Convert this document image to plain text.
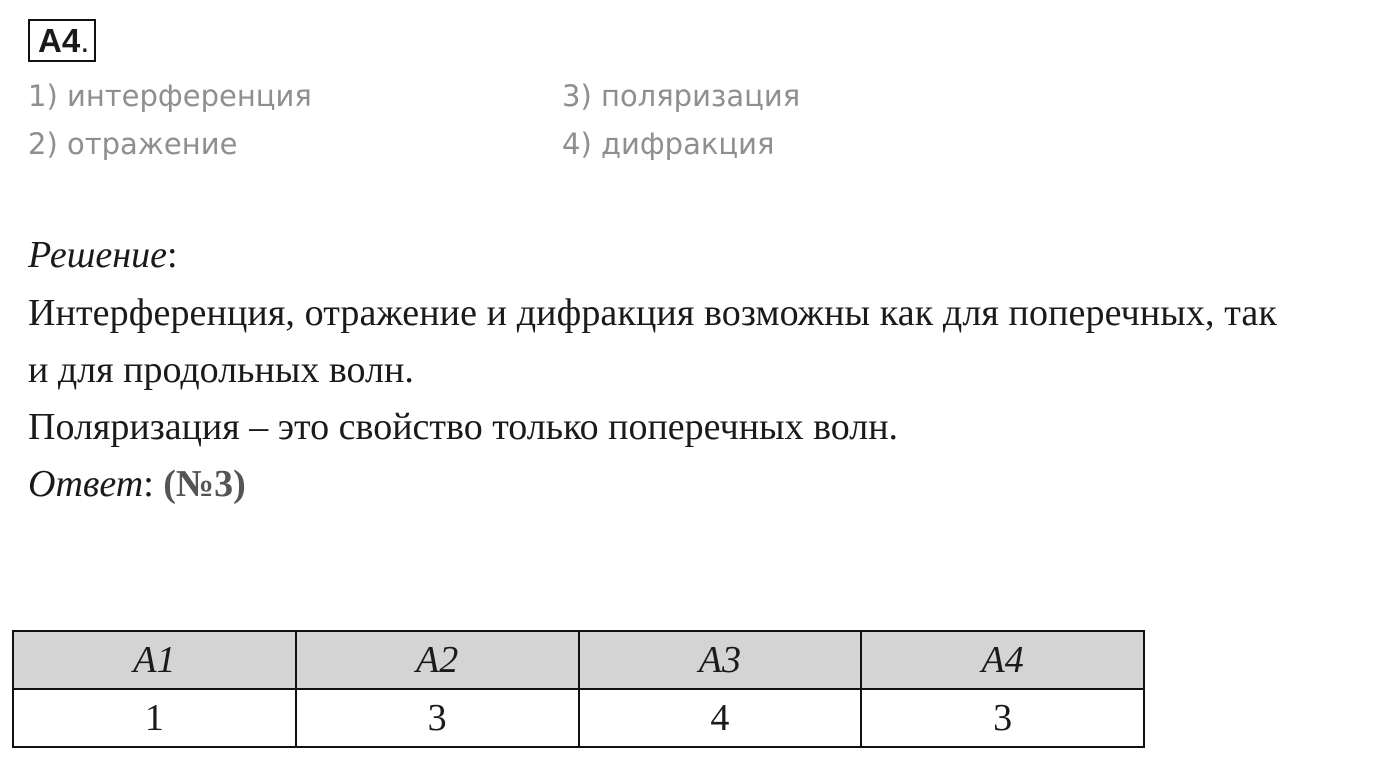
А4 .
1) интерференция
2) отражение
3) поляризация
4) дифракция
Решение:
Интерференция, отражение и дифракция возможны как для поперечных, так
и для продольных волн.
Поляризация – это свойство только поперечных волн.
Ответ: (№3)
А1	А2	А3	А4
1	3	4	3
